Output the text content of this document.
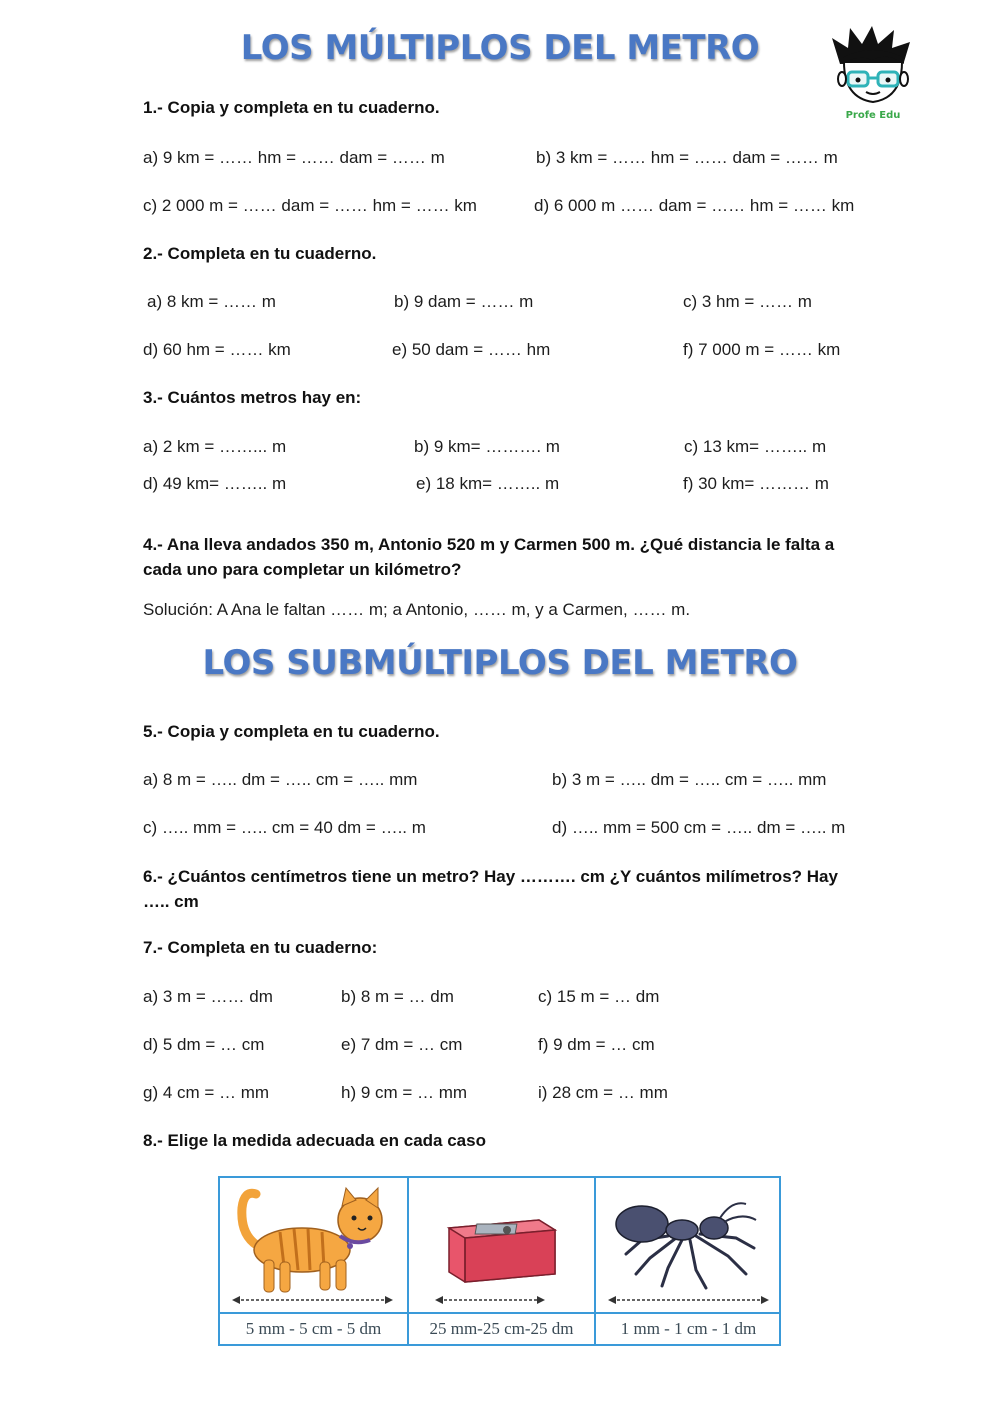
LOS MÚLTIPLOS DEL METRO
Profe Edu
1.- Copia y completa en tu cuaderno.
a) 9 km = …… hm = …… dam = …… m	b) 3 km = …… hm = …… dam = …… m
c) 2 000 m = …… dam = …… hm = …… km	d) 6 000 m …… dam = …… hm = …… km
2.- Completa en tu cuaderno.
a) 8 km = …… m	b) 9 dam = …… m	c) 3 hm = …… m
d) 60 hm = …… km	e) 50 dam = …… hm	f) 7 000 m = …… km
3.- Cuántos metros hay en:
a) 2 km = ……... m	b) 9 km= ………. m	c) 13 km= …….. m
d) 49 km= …….. m	e) 18 km= …….. m	f) 30 km= ……… m
4.- Ana lleva andados 350 m, Antonio 520 m y Carmen 500 m. ¿Qué distancia le falta a cada uno para completar un kilómetro?
Solución: A Ana le faltan …… m; a Antonio, …… m, y a Carmen, …… m.
LOS SUBMÚLTIPLOS DEL METRO
5.- Copia y completa en tu cuaderno.
a) 8 m = ….. dm = ….. cm = ….. mm	b) 3 m = ….. dm = ….. cm = ….. mm
c) ….. mm = ….. cm = 40 dm = ….. m	d) ….. mm = 500 cm = ….. dm = ….. m
6.- ¿Cuántos centímetros tiene un metro? Hay ………. cm ¿Y cuántos milímetros? Hay ….. cm
7.- Completa en tu cuaderno:
a) 3 m = …… dm	b) 8 m = … dm	c) 15 m = … dm
d) 5 dm = … cm	e) 7 dm = … cm	f) 9 dm = … cm
g) 4 cm = … mm	h) 9 cm = … mm	i) 28 cm = … mm
8.- Elige la medida adecuada en cada caso
5 mm - 5 cm - 5 dm	25 mm-25 cm-25 dm	1 mm - 1 cm - 1 dm
